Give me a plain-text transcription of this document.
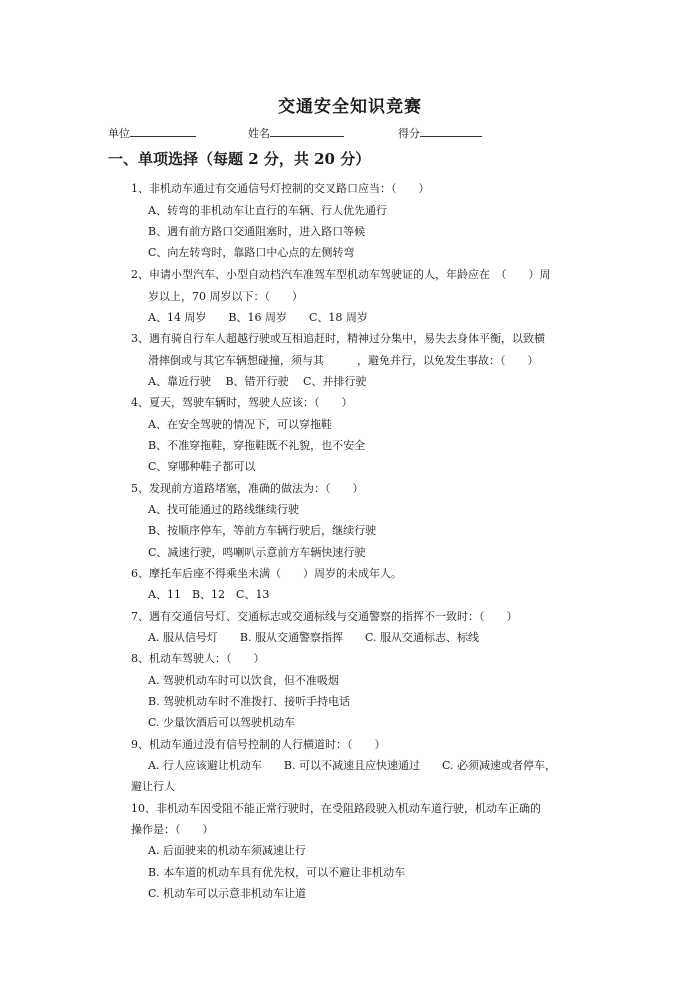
交通安全知识竞赛
单位	姓名	得分
一、单项选择（每题 2 分，共 20 分）
1、非机动车通过有交通信号灯控制的交叉路口应当：（　　）
A、转弯的非机动车让直行的车辆、行人优先通行
B、遇有前方路口交通阻塞时，进入路口等候
C、向左转弯时，靠路口中心点的左侧转弯
2、申请小型汽车、小型自动档汽车准驾车型机动车驾驶证的人，年龄应在　（　　）周
岁以上，70 周岁以下：（　　）
A、14 周岁　　B、16 周岁　　C、18 周岁
3、遇有骑自行车人超越行驶或互相追赶时，精神过分集中，易失去身体平衡，以致横
滑摔倒或与其它车辆想碰撞，须与其　　　，避免并行，以免发生事故：（　　）
A、靠近行驶　 B、错开行驶　 C、并排行驶
4、夏天，驾驶车辆时，驾驶人应该：（　　）
A、在安全驾驶的情况下，可以穿拖鞋
B、不准穿拖鞋，穿拖鞋既不礼貌，也不安全
C、穿哪种鞋子都可以
5、发现前方道路堵塞，准确的做法为：（　　）
A、找可能通过的路线继续行驶
B、按顺序停车，等前方车辆行驶后，继续行驶
C、减速行驶，鸣喇叭示意前方车辆快速行驶
6、摩托车后座不得乘坐未满（　　）周岁的未成年人。
A、11　B、12　C、13
7、遇有交通信号灯、交通标志或交通标线与交通警察的指挥不一致时：（　　）
A. 服从信号灯　　B. 服从交通警察指挥　　C. 服从交通标志、标线
8、机动车驾驶人：（　　）
A. 驾驶机动车时可以饮食，但不准吸烟
B. 驾驶机动车时不准拨打、接听手持电话
C. 少量饮酒后可以驾驶机动车
9、机动车通过没有信号控制的人行横道时：（　　）
A. 行人应该避让机动车　　B. 可以不减速且应快速通过　　C. 必须减速或者停车，
避让行人
10、非机动车因受阻不能正常行驶时，在受阻路段驶入机动车道行驶，机动车正确的
操作是：（　　）
A. 后面驶来的机动车须减速让行
B. 本车道的机动车具有优先权，可以不避让非机动车
C. 机动车可以示意非机动车让道
